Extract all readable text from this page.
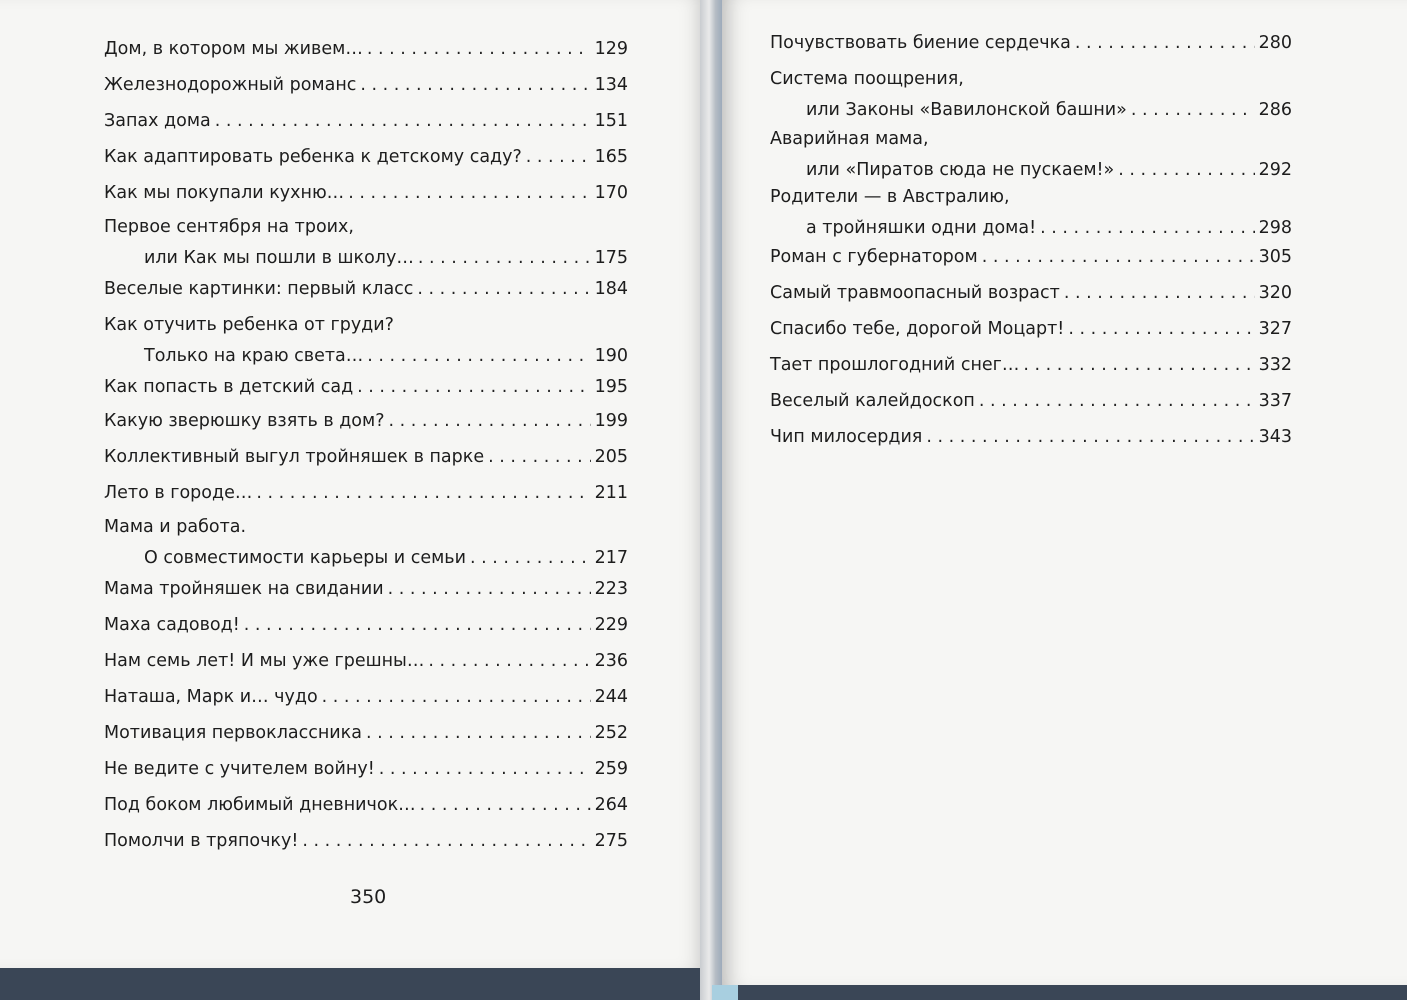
Дом, в котором мы живем… . . .	129
Железнодорожный романс . . .	134
Запах дома . . .	151
Как адаптировать ребенка к детскому саду? . . .	165
Как мы покупали кухню… . . .	170
Первое сентября на троих,
или Как мы пошли в школу… . . .	175
Веселые картинки: первый класс . . .	184
Как отучить ребенка от груди?
Только на краю света… . . .	190
Как попасть в детский сад . . .	195
Какую зверюшку взять в дом? . . .	199
Коллективный выгул тройняшек в парке . . .	205
Лето в городе… . . .	211
Мама и работа.
О совместимости карьеры и семьи . . .	217
Мама тройняшек на свидании . . .	223
Маха садовод! . . .	229
Нам семь лет! И мы уже грешны… . . .	236
Наташа, Марк и… чудо . . .	244
Мотивация первоклассника . . .	252
Не ведите с учителем войну! . . .	259
Под боком любимый дневничок… . . .	264
Помолчи в тряпочку! . . .	275
350
Почувствовать биение сердечка . . .	280
Система поощрения,
или Законы «Вавилонской башни» . . .	286
Аварийная мама,
или «Пиратов сюда не пускаем!» . . .	292
Родители — в Австралию,
а тройняшки одни дома! . . .	298
Роман с губернатором . . .	305
Самый травмоопасный возраст . . .	320
Спасибо тебе, дорогой Моцарт! . . .	327
Тает прошлогодний снег… . . .	332
Веселый калейдоскоп . . .	337
Чип милосердия . . .	343
